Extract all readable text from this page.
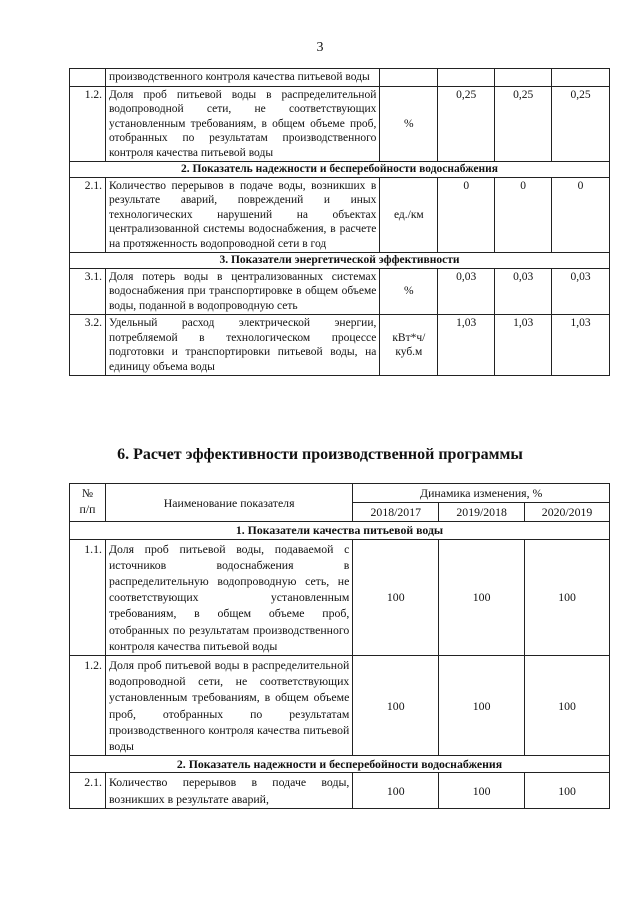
3
	производственного контроля качества питьевой воды				
1.2.	Доля проб питьевой воды в распределительной водопроводной сети, не соответствующих установленным требованиям, в общем объеме проб, отобранных по результатам производственного контроля качества питьевой воды	%	0,25	0,25	0,25
2. Показатель надежности и бесперебойности водоснабжения					
2.1.	Количество перерывов в подаче воды, возникших в результате аварий, повреждений и иных технологических нарушений на объектах централизованной системы водоснабжения, в расчете на протяженность водопроводной сети в год	ед./км	0	0	0
3. Показатели энергетической эффективности					
3.1.	Доля потерь воды в централизованных системах водоснабжения при транспортировке в общем объеме воды, поданной в водопроводную сеть	%	0,03	0,03	0,03
3.2.	Удельный расход электрической энергии, потребляемой в технологическом процессе подготовки и транспортировки питьевой воды, на единицу объема воды	кВт*ч/куб.м	1,03	1,03	1,03
6. Расчет эффективности производственной программы
№
п/п	Наименование показателя	Динамика изменения, %		
		2018/2017	2019/2018	2020/2019
1. Показатели качества питьевой воды				
1.1.	Доля проб питьевой воды, подаваемой с источников водоснабжения в распределительную водопроводную сеть, не соответствующих установленным требованиям, в общем объеме проб, отобранных по результатам производственного контроля качества питьевой воды	100	100	100
1.2.	Доля проб питьевой воды в распределительной водопроводной сети, не соответствующих установленным требованиям, в общем объеме проб, отобранных по результатам производственного контроля качества питьевой воды	100	100	100
2. Показатель надежности и бесперебойности водоснабжения				
2.1.	Количество перерывов в подаче воды, возникших в результате аварий,	100	100	100
